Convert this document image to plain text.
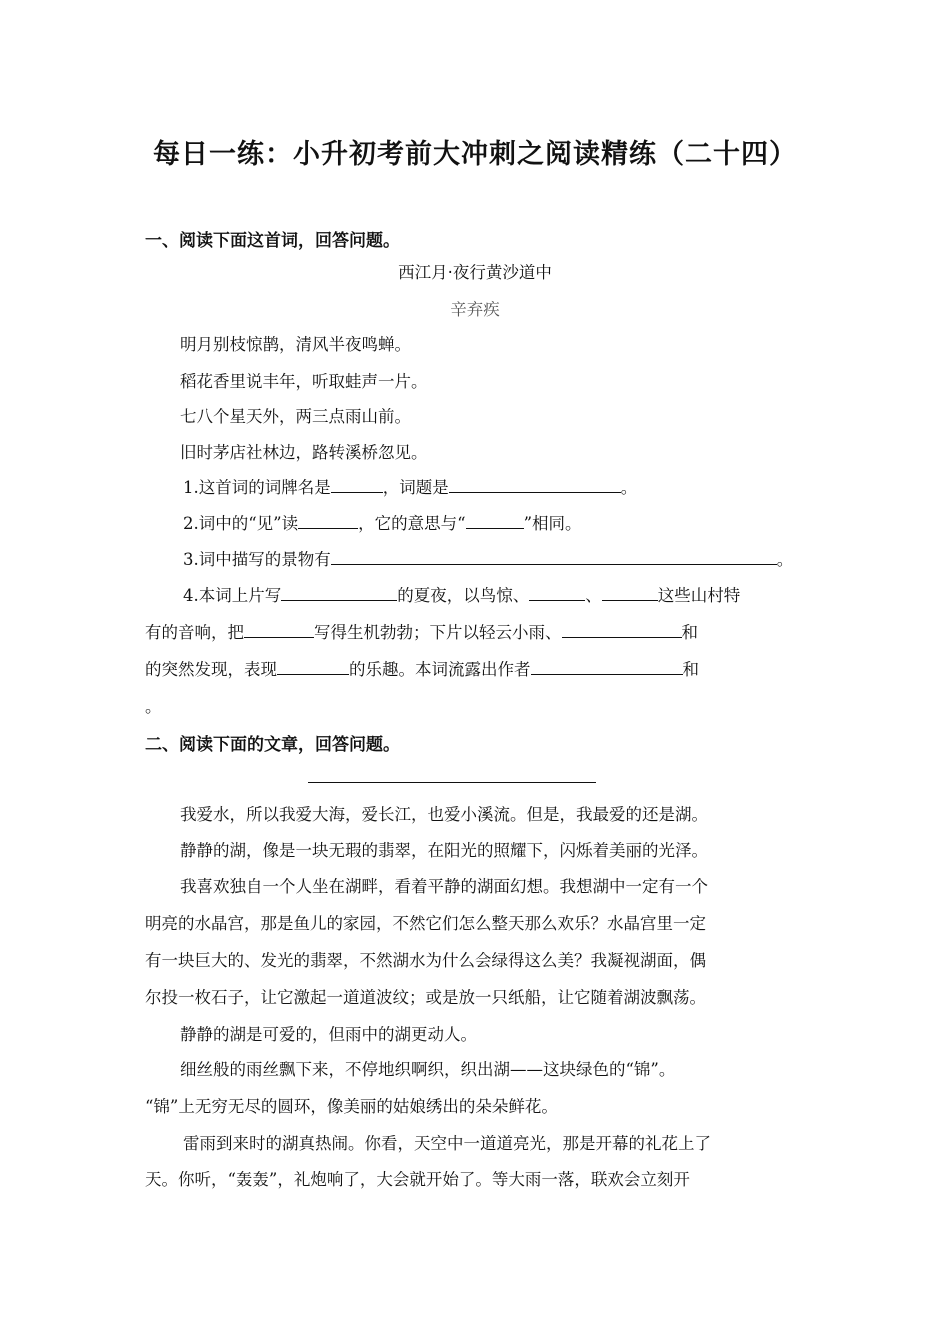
每日一练：小升初考前大冲刺之阅读精练（二十四）
一、阅读下面这首词，回答问题。
西江月·夜行黄沙道中
辛弃疾
明月别枝惊鹊，清风半夜鸣蝉。
稻花香里说丰年，听取蛙声一片。
七八个星天外，两三点雨山前。
旧时茅店社林边，路转溪桥忽见。
1.这首词的词牌名是	，词题是	。
2.词中的“见”读	，它的意思与“	”相同。
3.词中描写的景物有	。
4.本词上片写	的夏夜，以鸟惊、	、	这些山村特
有的音响，把	写得生机勃勃；下片以轻云小雨、	和
的突然发现，表现	的乐趣。本词流露出作者	和
。
二、阅读下面的文章，回答问题。
我爱水，所以我爱大海，爱长江，也爱小溪流。但是，我最爱的还是湖。
静静的湖，像是一块无瑕的翡翠，在阳光的照耀下，闪烁着美丽的光泽。
我喜欢独自一个人坐在湖畔，看着平静的湖面幻想。我想湖中一定有一个
明亮的水晶宫，那是鱼儿的家园，不然它们怎么整天那么欢乐？水晶宫里一定
有一块巨大的、发光的翡翠，不然湖水为什么会绿得这么美？我凝视湖面，偶
尔投一枚石子，让它激起一道道波纹；或是放一只纸船，让它随着湖波飘荡。
静静的湖是可爱的，但雨中的湖更动人。
细丝般的雨丝飘下来，不停地织啊织，织出湖——这块绿色的“锦”。
“锦”上无穷无尽的圆环，像美丽的姑娘绣出的朵朵鲜花。
雷雨到来时的湖真热闹。你看，天空中一道道亮光，那是开幕的礼花上了
天。你听，“轰轰”，礼炮响了，大会就开始了。等大雨一落，联欢会立刻开
